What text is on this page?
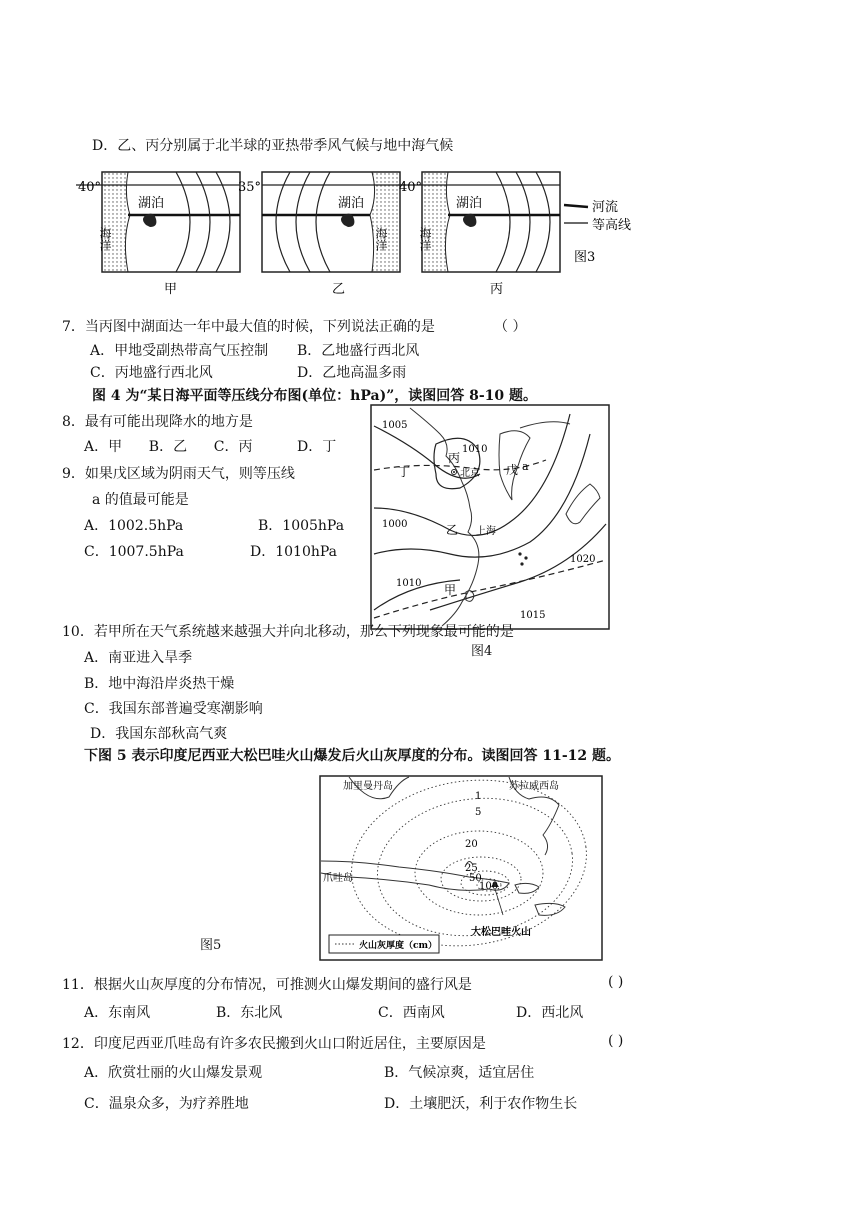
D．乙、丙分别属于北半球的亚热带季风气候与地中海气候
40°
湖泊
海洋
甲
35°
湖泊
海洋
乙
40°
湖泊
海洋
丙
河流
等高线
图3
7．当丙图中湖面达一年中最大值的时候，下列说法正确的是	（ ）
A．甲地受副热带高气压控制 B．乙地盛行西北风
C．丙地盛行西北风	D．乙地高温多雨
图 4 为“某日海平面等压线分布图(单位：hPa)”，读图回答 8-10 题。
8．最有可能出现降水的地方是
A．甲      B．乙      C．丙          D．丁
9．如果戊区域为阴雨天气，则等压线
a 的值最可能是
A．1002.5hPa	B．1005hPa
C．1007.5hPa	D．1010hPa
1005
1010
1000
1010
1020
1015
丙
北京 戊 a
丁
乙 上海
甲
10．若甲所在天气系统越来越强大并向北移动，那么下列现象最可能的是
图4
A．南亚进入旱季
B．地中海沿岸炎热干燥
C．我国东部普遍受寒潮影响
D．我国东部秋高气爽
下图 5 表示印度尼西亚大松巴哇火山爆发后火山灰厚度的分布。读图回答 11-12 题。
加里曼丹岛	苏拉威西岛
爪哇岛
大松巴哇火山
1
5
20
25
50
100
火山灰厚度（cm）
图5
11．根据火山灰厚度的分布情况，可推测火山爆发期间的盛行风是	( )
A．东南风	B．东北风	C．西南风	D．西北风
12．印度尼西亚爪哇岛有许多农民搬到火山口附近居住，主要原因是	( )
A．欣赏壮丽的火山爆发景观	B．气候凉爽，适宜居住
C．温泉众多，为疗养胜地	D．土壤肥沃，利于农作物生长
